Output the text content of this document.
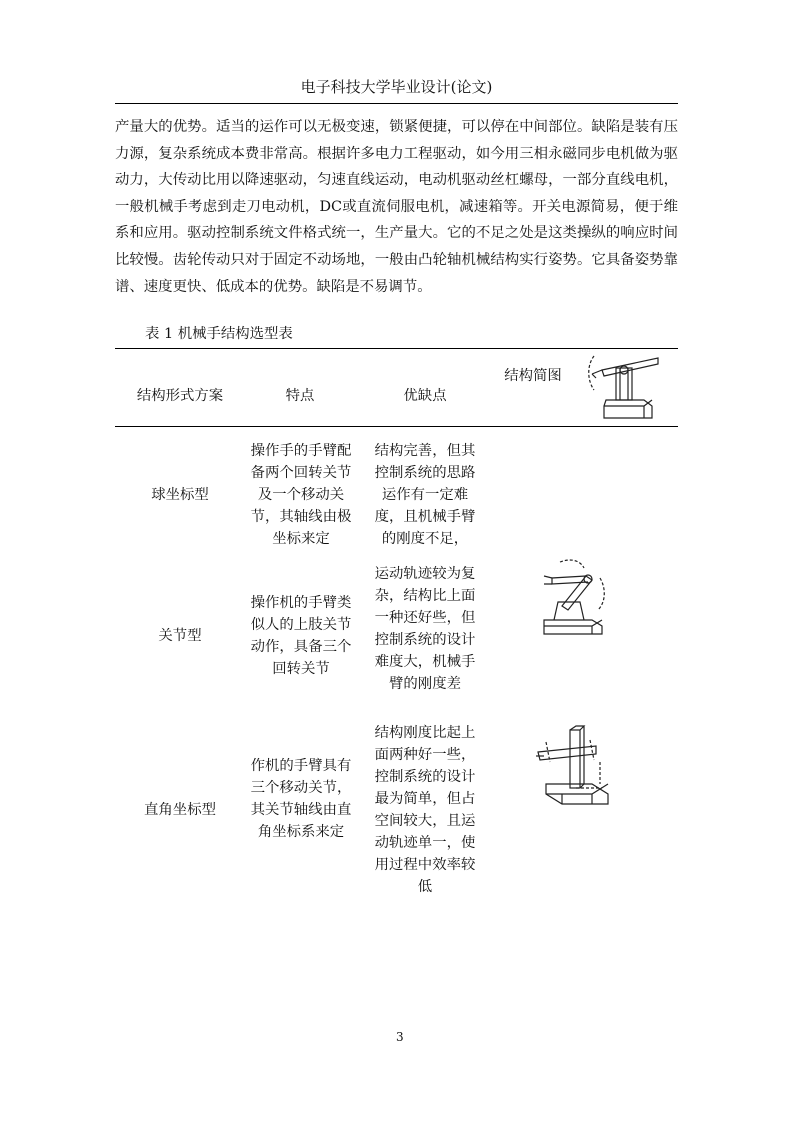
电子科技大学毕业设计(论文)

产量大的优势。适当的运作可以无极变速，锁紧便捷，可以停在中间部位。缺陷是装有压力源，复杂系统成本费非常高。根据许多电力工程驱动，如今用三相永磁同步电机做为驱动力，大传动比用以降速驱动，匀速直线运动，电动机驱动丝杠螺母，一部分直线电机，一般机械手考虑到走刀电动机，DC或直流伺服电机，减速箱等。开关电源简易，便于维系和应用。驱动控制系统文件格式统一，生产量大。它的不足之处是这类操纵的响应时间比较慢。齿轮传动只对于固定不动场地，一般由凸轮轴机械结构实行姿势。它具备姿势靠谱、速度更快、低成本的优势。缺陷是不易调节。

表 1 机械手结构选型表
结构形式方案	特点	优缺点
结构简图
球坐标型
操作手的手臂配备两个回转关节及一个移动关节，其轴线由极坐标来定
结构完善，但其控制系统的思路运作有一定难度，且机械手臂的刚度不足，
关节型
操作机的手臂类似人的上肢关节动作，具备三个回转关节
运动轨迹较为复杂，结构比上面一种还好些，但控制系统的设计难度大，机械手臂的刚度差
直角坐标型
作机的手臂具有三个移动关节，其关节轴线由直角坐标系来定
结构刚度比起上面两种好一些，控制系统的设计最为简单，但占空间较大，且运动轨迹单一，使用过程中效率较低
3
